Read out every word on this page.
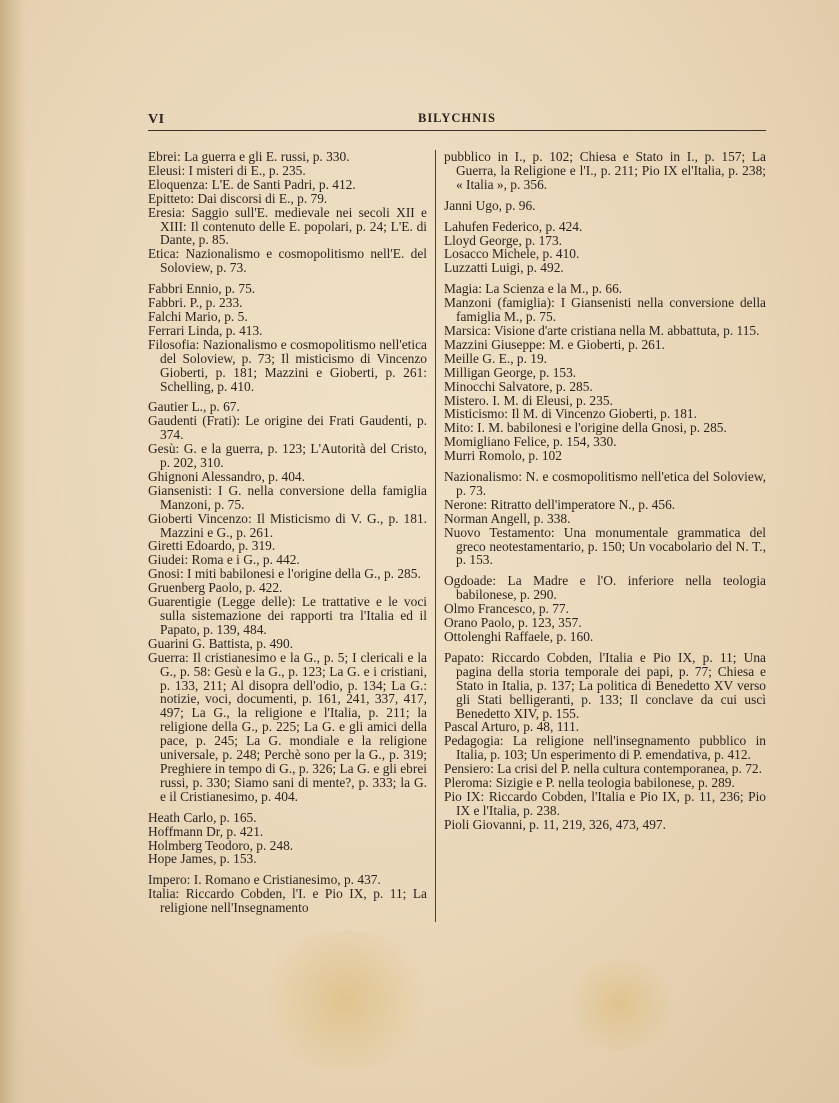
VI	BILYCHNIS

Ebrei: La guerra e gli E. russi, p. 330.

Eleusi: I misteri di E., p. 235.

Eloquenza: L'E. de Santi Padri, p. 412.

Epitteto: Dai discorsi di E., p. 79.

Eresia: Saggio sull'E. medievale nei secoli XII e XIII: Il contenuto delle E. popolari, p. 24; L'E. di Dante, p. 85.

Etica: Nazionalismo e cosmopolitismo nell'E. del Soloview, p. 73.

Fabbri Ennio, p. 75.

Fabbri. P., p. 233.

Falchi Mario, p. 5.

Ferrari Linda, p. 413.

Filosofia: Nazionalismo e cosmopolitismo nell'etica del Soloview, p. 73; Il misticismo di Vincenzo Gioberti, p. 181; Mazzini e Gioberti, p. 261: Schelling, p. 410.

Gautier L., p. 67.

Gaudenti (Frati): Le origine dei Frati Gaudenti, p. 374.

Gesù: G. e la guerra, p. 123; L'Autorità del Cristo, p. 202, 310.

Ghignoni Alessandro, p. 404.

Giansenisti: I G. nella conversione della famiglia Manzoni, p. 75.

Gioberti Vincenzo: Il Misticismo di V. G., p. 181. Mazzini e G., p. 261.

Giretti Edoardo, p. 319.

Giudei: Roma e i G., p. 442.

Gnosi: I miti babilonesi e l'origine della G., p. 285.

Gruenberg Paolo, p. 422.

Guarentigie (Legge delle): Le trattative e le voci sulla sistemazione dei rapporti tra l'Italia ed il Papato, p. 139, 484.

Guarini G. Battista, p. 490.

Guerra: Il cristianesimo e la G., p. 5; I clericali e la G., p. 58: Gesù e la G., p. 123; La G. e i cristiani, p. 133, 211; Al disopra dell'odio, p. 134; La G.: notizie, voci, documenti, p. 161, 241, 337, 417, 497; La G., la religione e l'Italia, p. 211; la religione della G., p. 225; La G. e gli amici della pace, p. 245; La G. mondiale e la religione universale, p. 248; Perchè sono per la G., p. 319; Preghiere in tempo di G., p. 326; La G. e gli ebrei russi, p. 330; Siamo sani di mente?, p. 333; la G. e il Cristianesimo, p. 404.

Heath Carlo, p. 165.

Hoffmann Dr, p. 421.

Holmberg Teodoro, p. 248.

Hope James, p. 153.

Impero: I. Romano e Cristianesimo, p. 437.

Italia: Riccardo Cobden, l'I. e Pio IX, p. 11; La religione nell'Insegnamento

pubblico in I., p. 102; Chiesa e Stato in I., p. 157; La Guerra, la Religione e l'I., p. 211; Pio IX el'Italia, p. 238; « Italia », p. 356.

Janni Ugo, p. 96.

Lahufen Federico, p. 424.

Lloyd George, p. 173.

Losacco Michele, p. 410.

Luzzatti Luigi, p. 492.

Magia: La Scienza e la M., p. 66.

Manzoni (famiglia): I Giansenisti nella conversione della famiglia M., p. 75.

Marsica: Visione d'arte cristiana nella M. abbattuta, p. 115.

Mazzini Giuseppe: M. e Gioberti, p. 261.

Meille G. E., p. 19.

Milligan George, p. 153.

Minocchi Salvatore, p. 285.

Mistero. I. M. di Eleusi, p. 235.

Misticismo: Il M. di Vincenzo Gioberti, p. 181.

Mito: I. M. babilonesi e l'origine della Gnosi, p. 285.

Momigliano Felice, p. 154, 330.

Murri Romolo, p. 102

Nazionalismo: N. e cosmopolitismo nell'etica del Soloview, p. 73.

Nerone: Ritratto dell'imperatore N., p. 456.

Norman Angell, p. 338.

Nuovo Testamento: Una monumentale grammatica del greco neotestamentario, p. 150; Un vocabolario del N. T., p. 153.

Ogdoade: La Madre e l'O. inferiore nella teologia babilonese, p. 290.

Olmo Francesco, p. 77.

Orano Paolo, p. 123, 357.

Ottolenghi Raffaele, p. 160.

Papato: Riccardo Cobden, l'Italia e Pio IX, p. 11; Una pagina della storia temporale dei papi, p. 77; Chiesa e Stato in Italia, p. 137; La politica di Benedetto XV verso gli Stati belligeranti, p. 133; Il conclave da cui uscì Benedetto XIV, p. 155.

Pascal Arturo, p. 48, 111.

Pedagogia: La religione nell'insegnamento pubblico in Italia, p. 103; Un esperimento di P. emendativa, p. 412.

Pensiero: La crisi del P. nella cultura contemporanea, p. 72.

Pleroma: Sizigie e P. nella teologia babilonese, p. 289.

Pio IX: Riccardo Cobden, l'Italia e Pio IX, p. 11, 236; Pio IX e l'Italia, p. 238.

Pioli Giovanni, p. 11, 219, 326, 473, 497.
